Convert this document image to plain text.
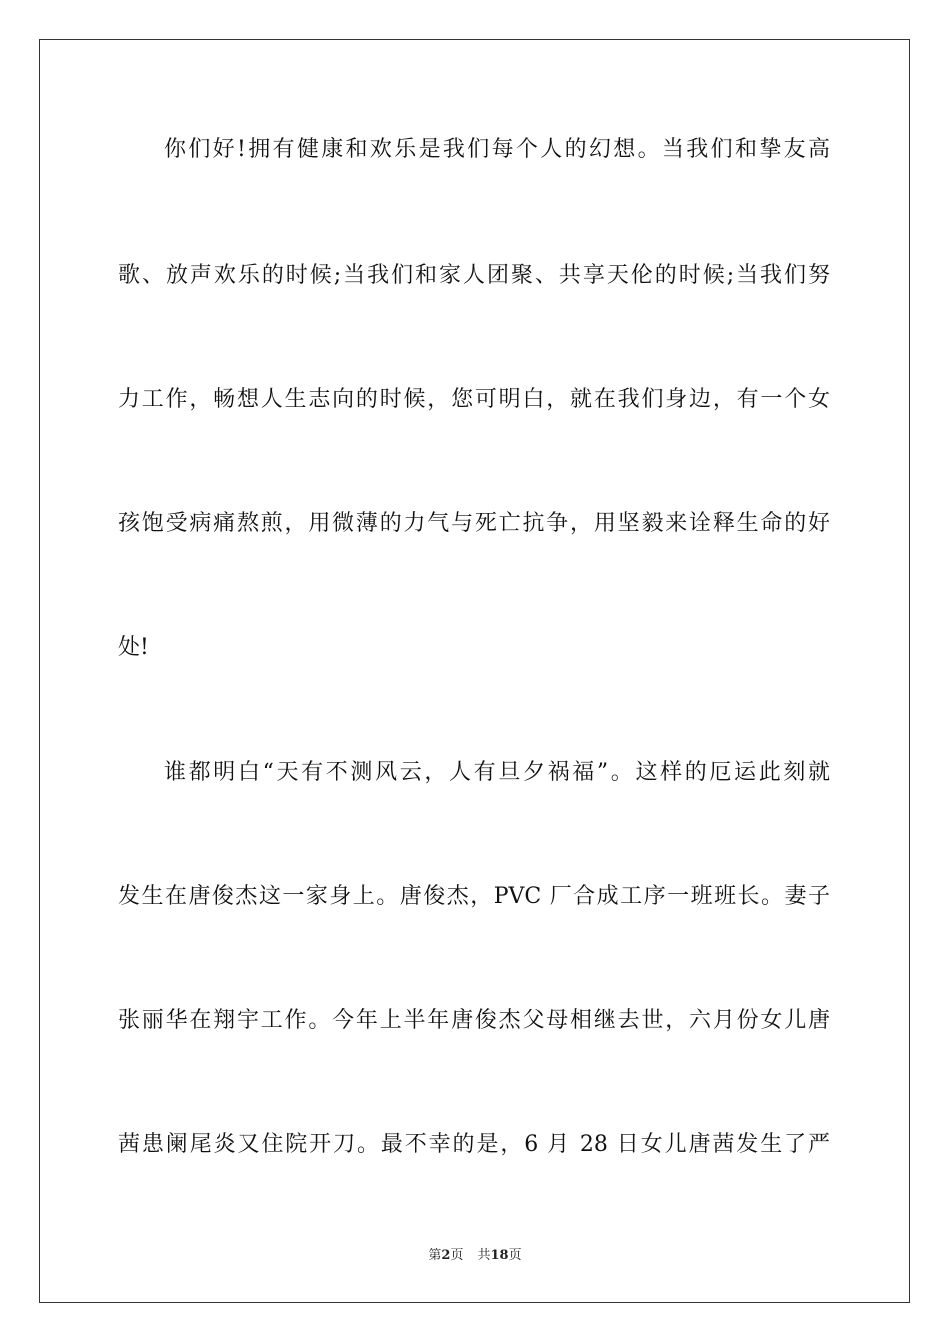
你们好!拥有健康和欢乐是我们每个人的幻想。当我们和挚友高
歌、放声欢乐的时候;当我们和家人团聚、共享天伦的时候;当我们努
力工作，畅想人生志向的时候，您可明白，就在我们身边，有一个女
孩饱受病痛熬煎，用微薄的力气与死亡抗争，用坚毅来诠释生命的好
处!
谁都明白“天有不测风云，人有旦夕祸福”。这样的厄运此刻就
发生在唐俊杰这一家身上。唐俊杰，PVC 厂合成工序一班班长。妻子
张丽华在翔宇工作。今年上半年唐俊杰父母相继去世，六月份女儿唐
茜患阑尾炎又住院开刀。最不幸的是，6 月 28 日女儿唐茜发生了严
第2页 共18页
